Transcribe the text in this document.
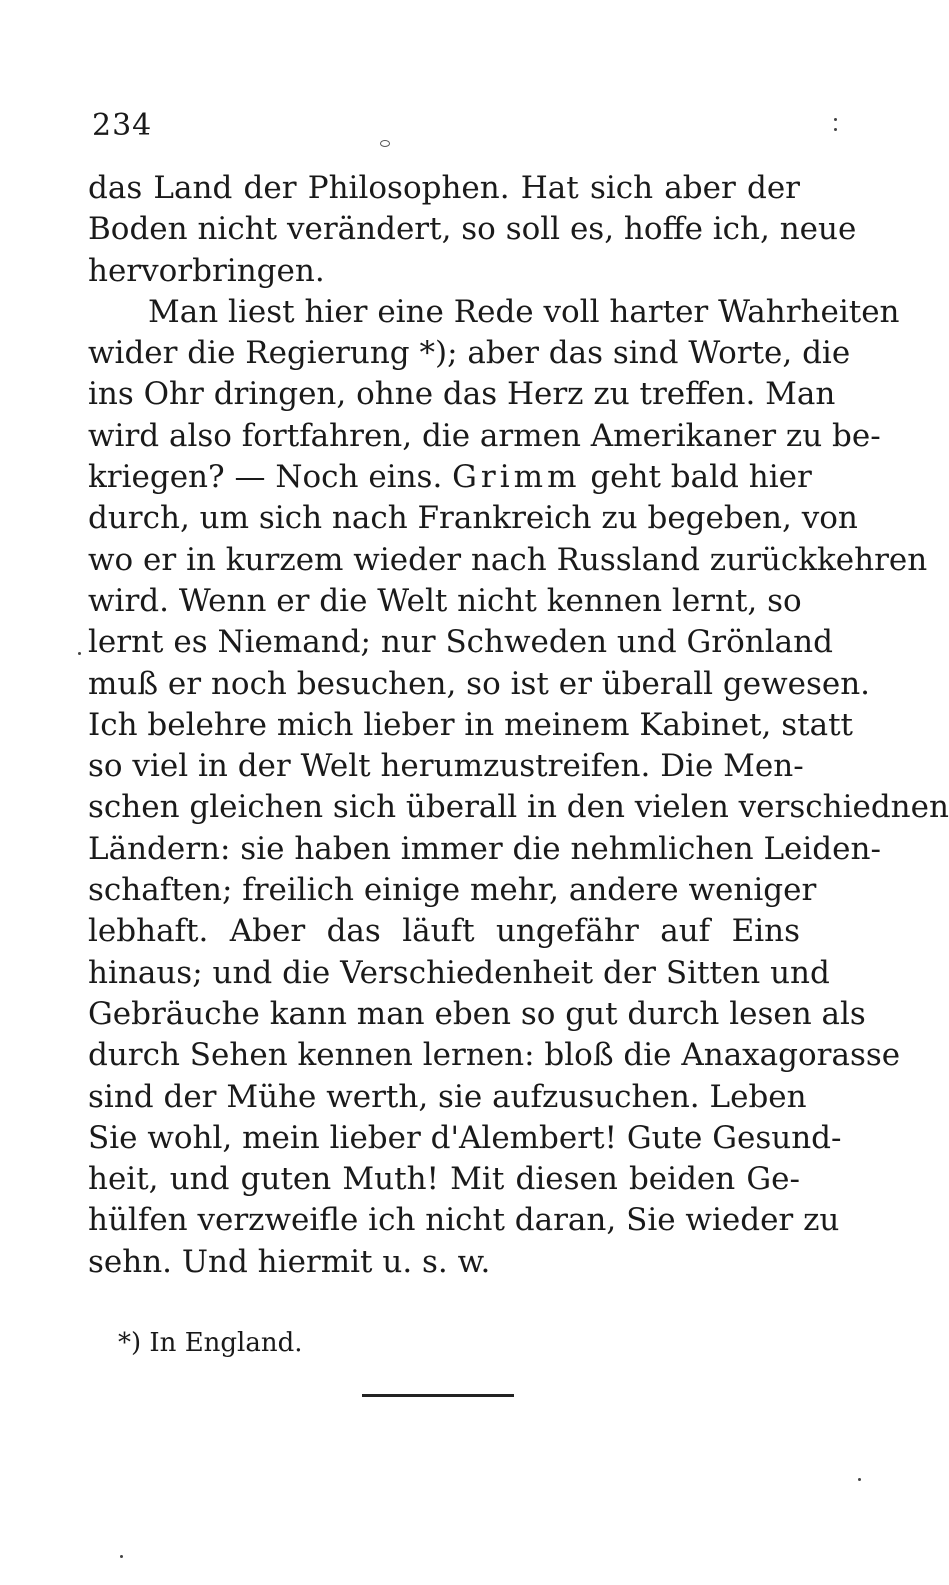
234
das Land der Philosophen. Hat sich aber der
Boden nicht verändert, so soll es, hoffe ich, neue
hervorbringen.
Man liest hier eine Rede voll harter Wahrheiten
wider die Regierung *); aber das sind Worte, die
ins Ohr dringen, ohne das Herz zu treffen. Man
wird also fortfahren, die armen Amerikaner zu be-
kriegen? — Noch eins. Grimm geht bald hier
durch, um sich nach Frankreich zu begeben, von
wo er in kurzem wieder nach Russland zurückkehren
wird. Wenn er die Welt nicht kennen lernt, so
lernt es Niemand; nur Schweden und Grönland
muß er noch besuchen, so ist er überall gewesen.
Ich belehre mich lieber in meinem Kabinet, statt
so viel in der Welt herumzustreifen. Die Men-
schen gleichen sich überall in den vielen verschiednen
Ländern: sie haben immer die nehmlichen Leiden-
schaften; freilich einige mehr, andere weniger
lebhaft. Aber das läuft ungefähr auf Eins
hinaus; und die Verschiedenheit der Sitten und
Gebräuche kann man eben so gut durch lesen als
durch Sehen kennen lernen: bloß die Anaxagorasse
sind der Mühe werth, sie aufzusuchen. Leben
Sie wohl, mein lieber d'Alembert! Gute Gesund-
heit, und guten Muth! Mit diesen beiden Ge-
hülfen verzweifle ich nicht daran, Sie wieder zu
sehn. Und hiermit u. s. w.
*) In England.
